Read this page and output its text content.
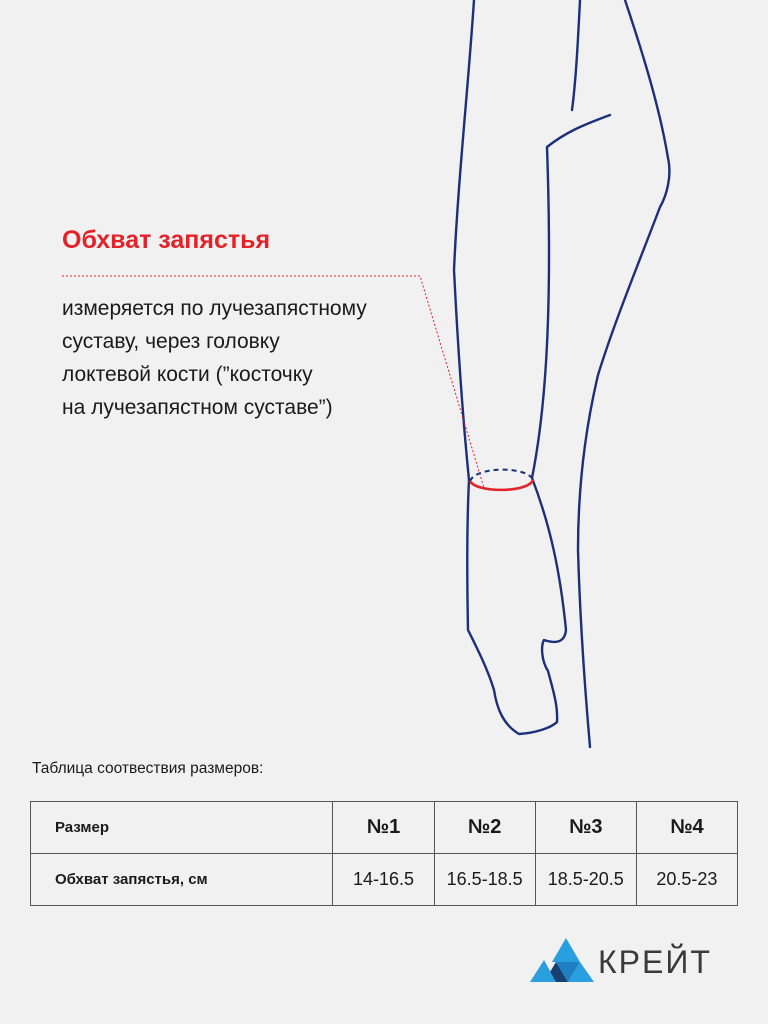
Обхват запястья

измеряется по лучезапястному
суставу, через головку
локтевой кости (”косточку
на лучезапястном суставе”)

Таблица соотвествия размеров:

Размер	№1	№2	№3	№4
Обхват запястья, см	14-16.5	16.5-18.5	18.5-20.5	20.5-23
КРЕЙТ
